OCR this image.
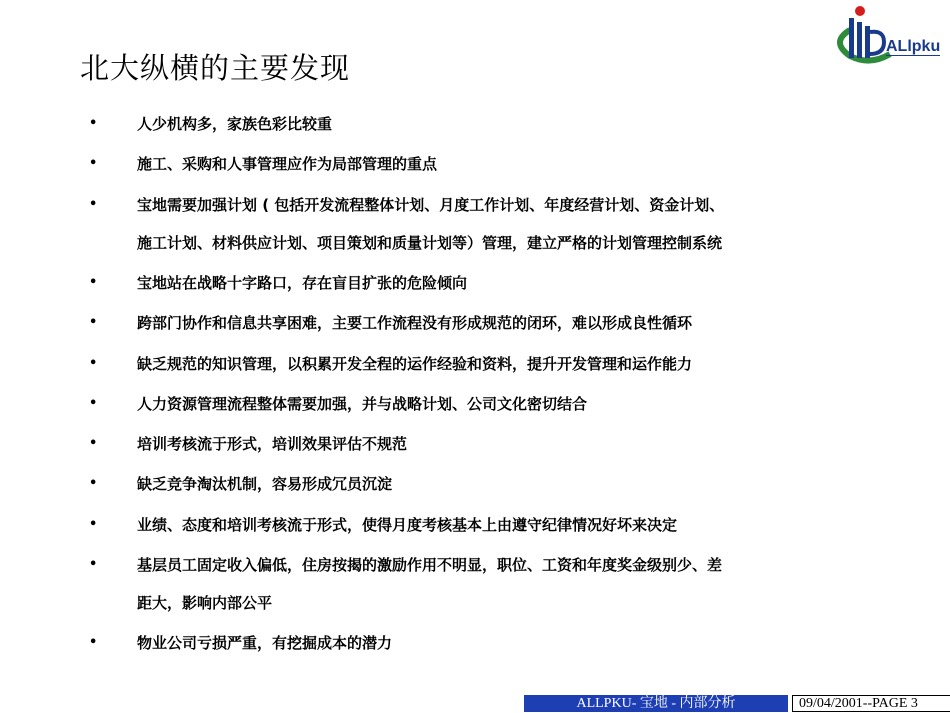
北大纵横的主要发现
ALlpku
•	人少机构多，家族色彩比较重
•	施工、采购和人事管理应作为局部管理的重点
•	宝地需要加强计划 ( 包括开发流程整体计划、月度工作计划、年度经营计划、资金计划、
施工计划、材料供应计划、项目策划和质量计划等）管理，建立严格的计划管理控制系统
•	宝地站在战略十字路口，存在盲目扩张的危险倾向
•	跨部门协作和信息共享困难，主要工作流程没有形成规范的闭环，难以形成良性循环
•	缺乏规范的知识管理，以积累开发全程的运作经验和资料，提升开发管理和运作能力
•	人力资源管理流程整体需要加强，并与战略计划、公司文化密切结合
•	培训考核流于形式，培训效果评估不规范
•	缺乏竞争淘汰机制，容易形成冗员沉淀
•	业绩、态度和培训考核流于形式，使得月度考核基本上由遵守纪律情况好坏来决定
•	基层员工固定收入偏低，住房按揭的激励作用不明显，职位、工资和年度奖金级别少、差
距大，影响内部公平
•	物业公司亏损严重，有挖掘成本的潜力
ALLPKU- 宝地 - 内部分析	09/04/2001--PAGE 3
